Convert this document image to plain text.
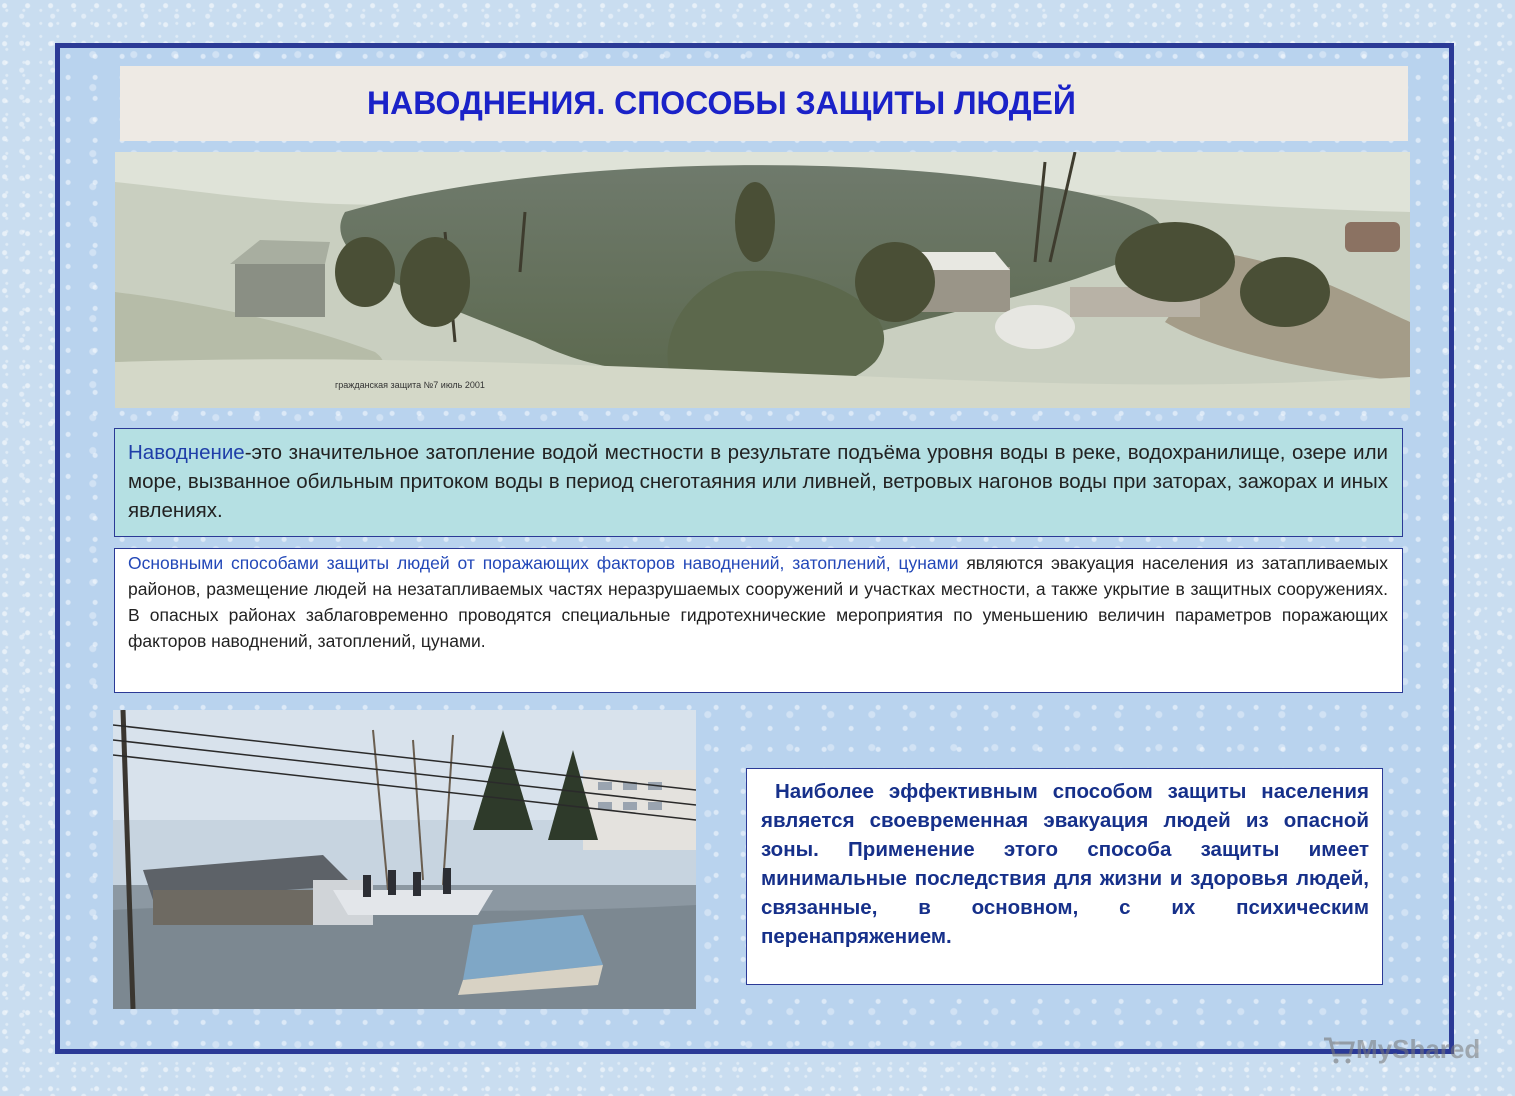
НАВОДНЕНИЯ. СПОСОБЫ ЗАЩИТЫ ЛЮДЕЙ
гражданская защита №7 июль 2001
Наводнение-это значительное затопление водой местности в результате подъёма уровня воды в реке, водохранилище, озере или море, вызванное обильным притоком воды в период снеготаяния или ливней, ветровых нагонов воды при заторах, зажорах и иных явлениях.
Основными способами защиты людей от поражающих факторов наводнений, затоплений, цунами являются эвакуация населения из затапливаемых районов, размещение людей на незатапливаемых частях неразрушаемых сооружений и участках местности, а также укрытие в защитных сооружениях. В опасных районах заблаговременно проводятся специальные гидротехнические мероприятия по уменьшению величин параметров поражающих факторов наводнений, затоплений, цунами.
Наиболее эффективным способом защиты населения является своевременная эвакуация людей из опасной зоны. Применение этого способа защиты имеет минимальные последствия для жизни и здоровья людей, связанные, в основном, с их психическим перенапряжением.
MyShared
